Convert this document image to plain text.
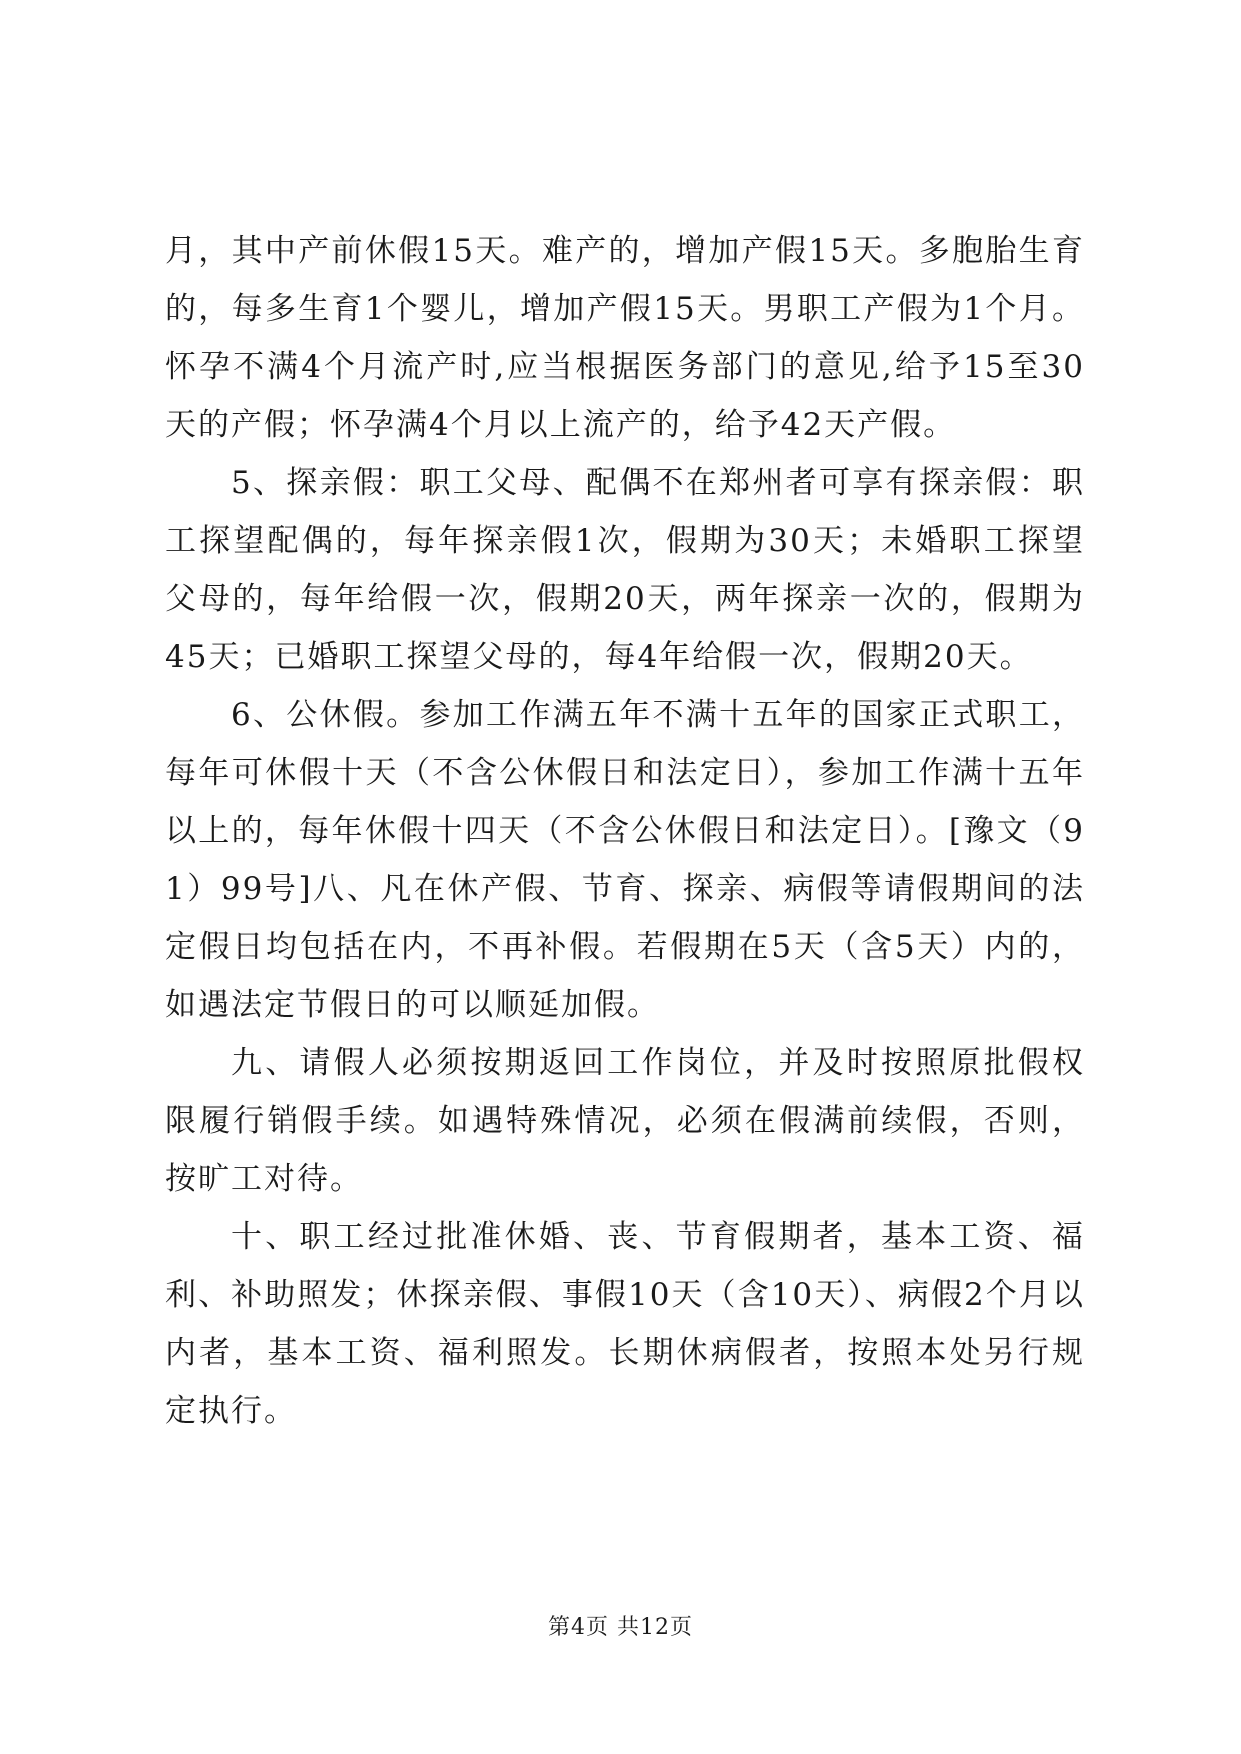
月，其中产前休假15天。难产的，增加产假15天。多胞胎生育的，每多生育1个婴儿，增加产假15天。男职工产假为1个月。怀孕不满4个月流产时,应当根据医务部门的意见,给予15至30天的产假；怀孕满4个月以上流产的，给予42天产假。

5、探亲假：职工父母、配偶不在郑州者可享有探亲假：职工探望配偶的，每年探亲假1次，假期为30天；未婚职工探望父母的，每年给假一次，假期20天，两年探亲一次的，假期为45天；已婚职工探望父母的，每4年给假一次，假期20天。

6、公休假。参加工作满五年不满十五年的国家正式职工，每年可休假十天（不含公休假日和法定日），参加工作满十五年以上的，每年休假十四天（不含公休假日和法定日）。[豫文（91）99号]八、凡在休产假、节育、探亲、病假等请假期间的法定假日均包括在内，不再补假。若假期在5天（含5天）内的，如遇法定节假日的可以顺延加假。

九、请假人必须按期返回工作岗位，并及时按照原批假权限履行销假手续。如遇特殊情况，必须在假满前续假，否则，按旷工对待。

十、职工经过批准休婚、丧、节育假期者，基本工资、福利、补助照发；休探亲假、事假10天（含10天）、病假2个月以内者，基本工资、福利照发。长期休病假者，按照本处另行规定执行。

第4页 共12页
